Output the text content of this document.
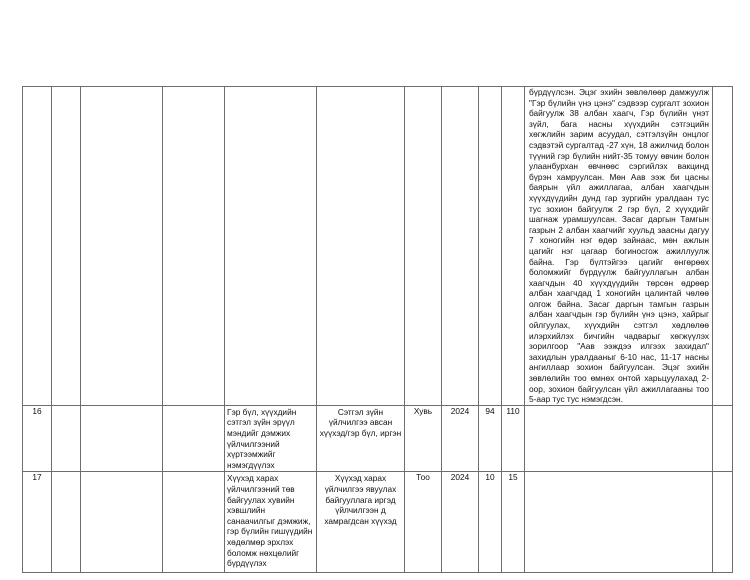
										бүрдүүлсэн. Эцэг эхийн зөвлөлөөр дамжуулж "Гэр бүлийн үнэ цэнэ" сэдвээр сургалт зохион байгуулж 38 албан хаагч, Гэр бүлийн үнэт зүйл, бага насны хүүхдийн сэтгэцийн хөгжлийн зарим асуудал, сэтгэлзүйн онцлог сэдвэтэй сургалтад -27 хүн, 18 ажилчид болон түүний гэр бүлийн нийт-35 томуу өвчин болон улаанбурхан өвчнөөс сэргийлэх вакцинд бүрэн хамруулсан. Мөн Аав ээж би цасны баярын үйл ажиллагаа, албан хаагчдын хүүхдүүдийн дунд гар зургийн уралдаан тус тус зохион байгуулж 2 гэр бүл, 2 хүүхдийг шагнаж урамшуулсан. Засаг даргын Тамгын газрын 2 албан хаагчийг хуульд заасны дагуу 7 хоногийн нэг өдөр зайнаас, мөн ажлын цагийг нэг цагаар богиносгож ажиллуулж байна. Гэр бүлтэйгээ цагийг өнгөрөөх боломжийг бүрдүүлж байгууллагын албан хаагчдын 40 хүүхдүүдийн төрсөн өдрөөр албан хаагчдад 1 хоногийн цалинтай чөлөө олгож байна. Засаг даргын тамгын газрын албан хаагчдын гэр бүлийн үнэ цэнэ, хайрыг ойлгуулах, хүүхдийн сэтгэл хөдлөлөө илэрхийлэх бичгийн чадварыг хөгжүүлэх зорилгоор "Аав ээждээ илгээх захидал" захидлын уралдааныг 6-10 нас, 11-17 насны ангиллаар зохион байгуулсан. Эцэг эхийн зөвлөлийн тоо өмнөх онтой харьцуулахад 2-оор, зохион байгуулсан үйл ажиллагааны тоо 5-аар тус тус нэмэгдсэн.	

16				Гэр бүл, хүүхдийн сэтгэл зүйн эрүүл мэндийг дэмжих үйлчилгээний хүртээмжийг нэмэгдүүлэх	Сэтгэл зүйн үйлчилгээ авсан хүүхэд/гэр бүл, иргэн	Хувь	2024	94	110		
17				Хүүхэд харах үйлчилгээний төв байгуулах хувийн хэвшлийн санаачилгыг дэмжиж, гэр бүлийн гишүүдийн хөдөлмөр эрхлэх боломж нөхцөлийг бүрдүүлэх	Хүүхэд харах үйлчилгээ явуулах байгууллага иргэд үйлчилгээн д хамрагдсан хүүхэд	Тоо	2024	10	15		
